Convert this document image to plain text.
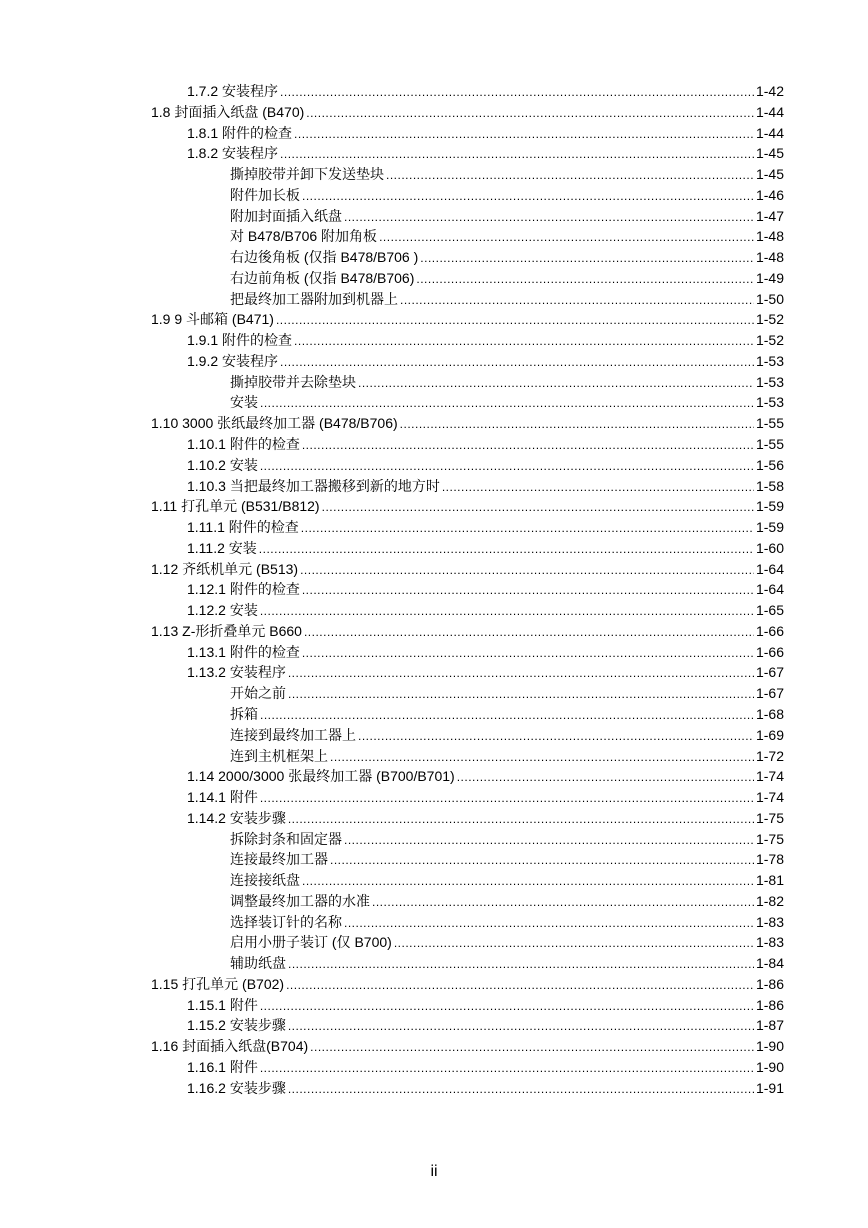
1.7.2 安装程序 .....	1-42
1.8 封面插入纸盘 (B470) .....	1-44
1.8.1 附件的检查 .....	1-44
1.8.2 安装程序 .....	1-45
撕掉胶带并卸下发送垫块 .....	1-45
附件加长板 .....	1-46
附加封面插入纸盘 .....	1-47
对 B478/B706 附加角板 .....	1-48
右边後角板 (仅指 B478/B706 ) .....	1-48
右边前角板 (仅指 B478/B706) .....	1-49
把最终加工器附加到机器上 .....	1-50
1.9 9 斗邮箱 (B471) .....	1-52
1.9.1 附件的检查 .....	1-52
1.9.2 安装程序 .....	1-53
撕掉胶带并去除垫块 .....	1-53
安装 .....	1-53
1.10 3000 张纸最终加工器 (B478/B706) .....	1-55
1.10.1 附件的检查 .....	1-55
1.10.2 安装 .....	1-56
1.10.3 当把最终加工器搬移到新的地方时 .....	1-58
1.11 打孔单元 (B531/B812) .....	1-59
1.11.1 附件的检查 .....	1-59
1.11.2 安装 .....	1-60
1.12 齐纸机单元 (B513) .....	1-64
1.12.1 附件的检查 .....	1-64
1.12.2 安装 .....	1-65
1.13 Z-形折叠单元 B660 .....	1-66
1.13.1 附件的检查 .....	1-66
1.13.2 安装程序 .....	1-67
开始之前 .....	1-67
拆箱 .....	1-68
连接到最终加工器上 .....	1-69
连到主机框架上 .....	1-72
1.14 2000/3000 张最终加工器 (B700/B701) .....	1-74
1.14.1 附件 .....	1-74
1.14.2 安装步骤 .....	1-75
拆除封条和固定器 .....	1-75
连接最终加工器 .....	1-78
连接接纸盘 .....	1-81
调整最终加工器的水准 .....	1-82
选择装订针的名称 .....	1-83
启用小册子装订 (仅 B700) .....	1-83
辅助纸盘 .....	1-84
1.15 打孔单元 (B702) .....	1-86
1.15.1 附件 .....	1-86
1.15.2 安装步骤 .....	1-87
1.16 封面插入纸盘(B704) .....	1-90
1.16.1 附件 .....	1-90
1.16.2 安装步骤 .....	1-91
ii
